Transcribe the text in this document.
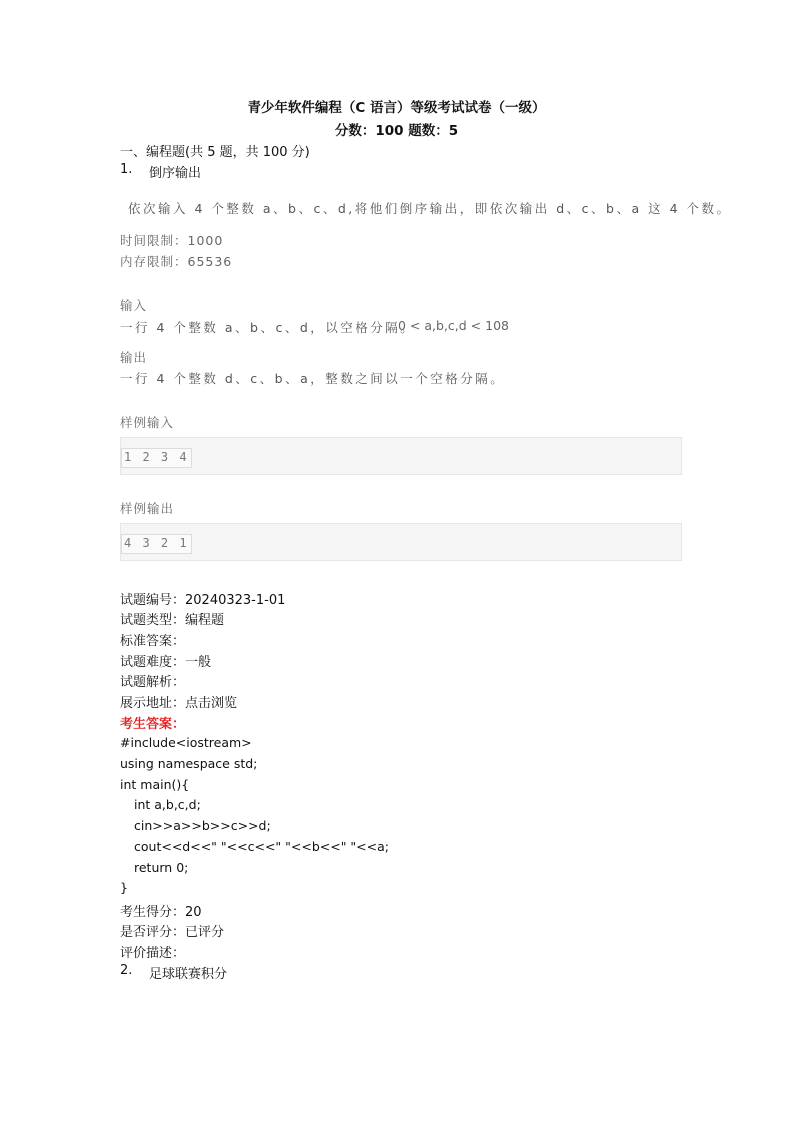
青少年软件编程（C 语言）等级考试试卷（一级）
分数：100 题数：5
一、编程题(共 5 题，共 100 分)
1. 倒序输出
依次输入 4 个整数 a、b、c、d,将他们倒序输出，即依次输出 d、c、b、a 这 4 个数。
时间限制：1000
内存限制：65536
输入
一行 4 个整数 a、b、c、d，以空格分隔。
0 < a,b,c,d < 108
输出
一行 4 个整数 d、c、b、a，整数之间以一个空格分隔。
样例输入
1 2 3 4
样例输出
4 3 2 1
试题编号：20240323-1-01
试题类型：编程题
标准答案：
试题难度：一般
试题解析：
展示地址：点击浏览
考生答案：
#include<iostream>
using namespace std;
int main(){
int a,b,c,d;
cin>>a>>b>>c>>d;
cout<<d<<" "<<c<<" "<<b<<" "<<a;
return 0;
}
考生得分：20
是否评分：已评分
评价描述：
2. 足球联赛积分
